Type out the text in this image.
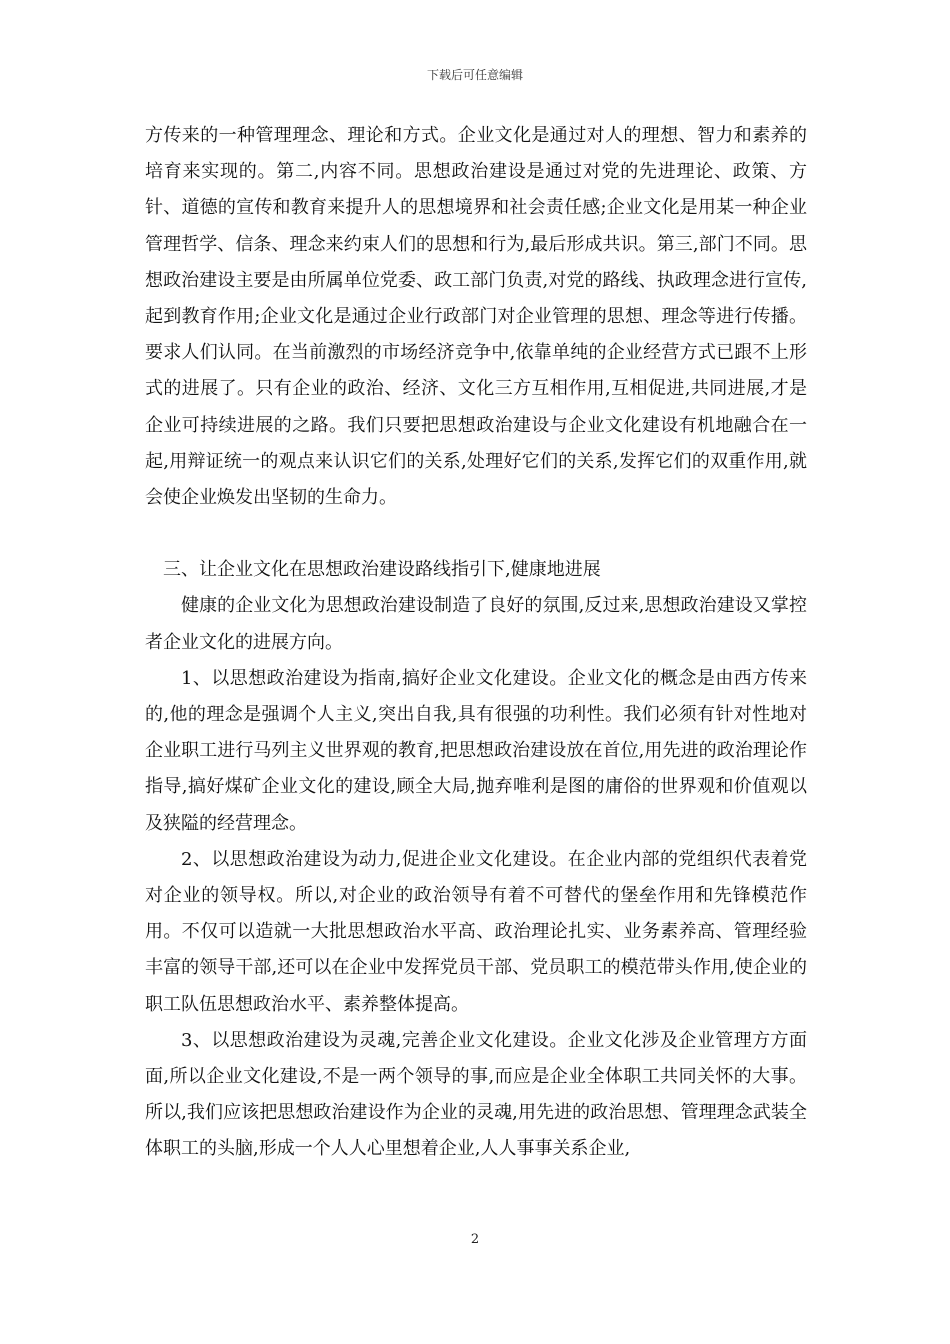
下载后可任意编辑

方传来的一种管理理念、理论和方式。企业文化是通过对人的理想、智力和素养的培育来实现的。第二,内容不同。思想政治建设是通过对党的先进理论、政策、方针、道德的宣传和教育来提升人的思想境界和社会责任感;企业文化是用某一种企业管理哲学、信条、理念来约束人们的思想和行为,最后形成共识。第三,部门不同。思想政治建设主要是由所属单位党委、政工部门负责,对党的路线、执政理念进行宣传,起到教育作用;企业文化是通过企业行政部门对企业管理的思想、理念等进行传播。要求人们认同。在当前激烈的市场经济竞争中,依靠单纯的企业经营方式已跟不上形式的进展了。只有企业的政治、经济、文化三方互相作用,互相促进,共同进展,才是企业可持续进展的之路。我们只要把思想政治建设与企业文化建设有机地融合在一起,用辩证统一的观点来认识它们的关系,处理好它们的关系,发挥它们的双重作用,就会使企业焕发出坚韧的生命力。

三、让企业文化在思想政治建设路线指引下,健康地进展

健康的企业文化为思想政治建设制造了良好的氛围,反过来,思想政治建设又掌控者企业文化的进展方向。

1、以思想政治建设为指南,搞好企业文化建设。企业文化的概念是由西方传来的,他的理念是强调个人主义,突出自我,具有很强的功利性。我们必须有针对性地对企业职工进行马列主义世界观的教育,把思想政治建设放在首位,用先进的政治理论作指导,搞好煤矿企业文化的建设,顾全大局,抛弃唯利是图的庸俗的世界观和价值观以及狭隘的经营理念。

2、以思想政治建设为动力,促进企业文化建设。在企业内部的党组织代表着党对企业的领导权。所以,对企业的政治领导有着不可替代的堡垒作用和先锋模范作用。不仅可以造就一大批思想政治水平高、政治理论扎实、业务素养高、管理经验丰富的领导干部,还可以在企业中发挥党员干部、党员职工的模范带头作用,使企业的职工队伍思想政治水平、素养整体提高。

3、以思想政治建设为灵魂,完善企业文化建设。企业文化涉及企业管理方方面面,所以企业文化建设,不是一两个领导的事,而应是企业全体职工共同关怀的大事。所以,我们应该把思想政治建设作为企业的灵魂,用先进的政治思想、管理理念武装全体职工的头脑,形成一个人人心里想着企业,人人事事关系企业,

2
